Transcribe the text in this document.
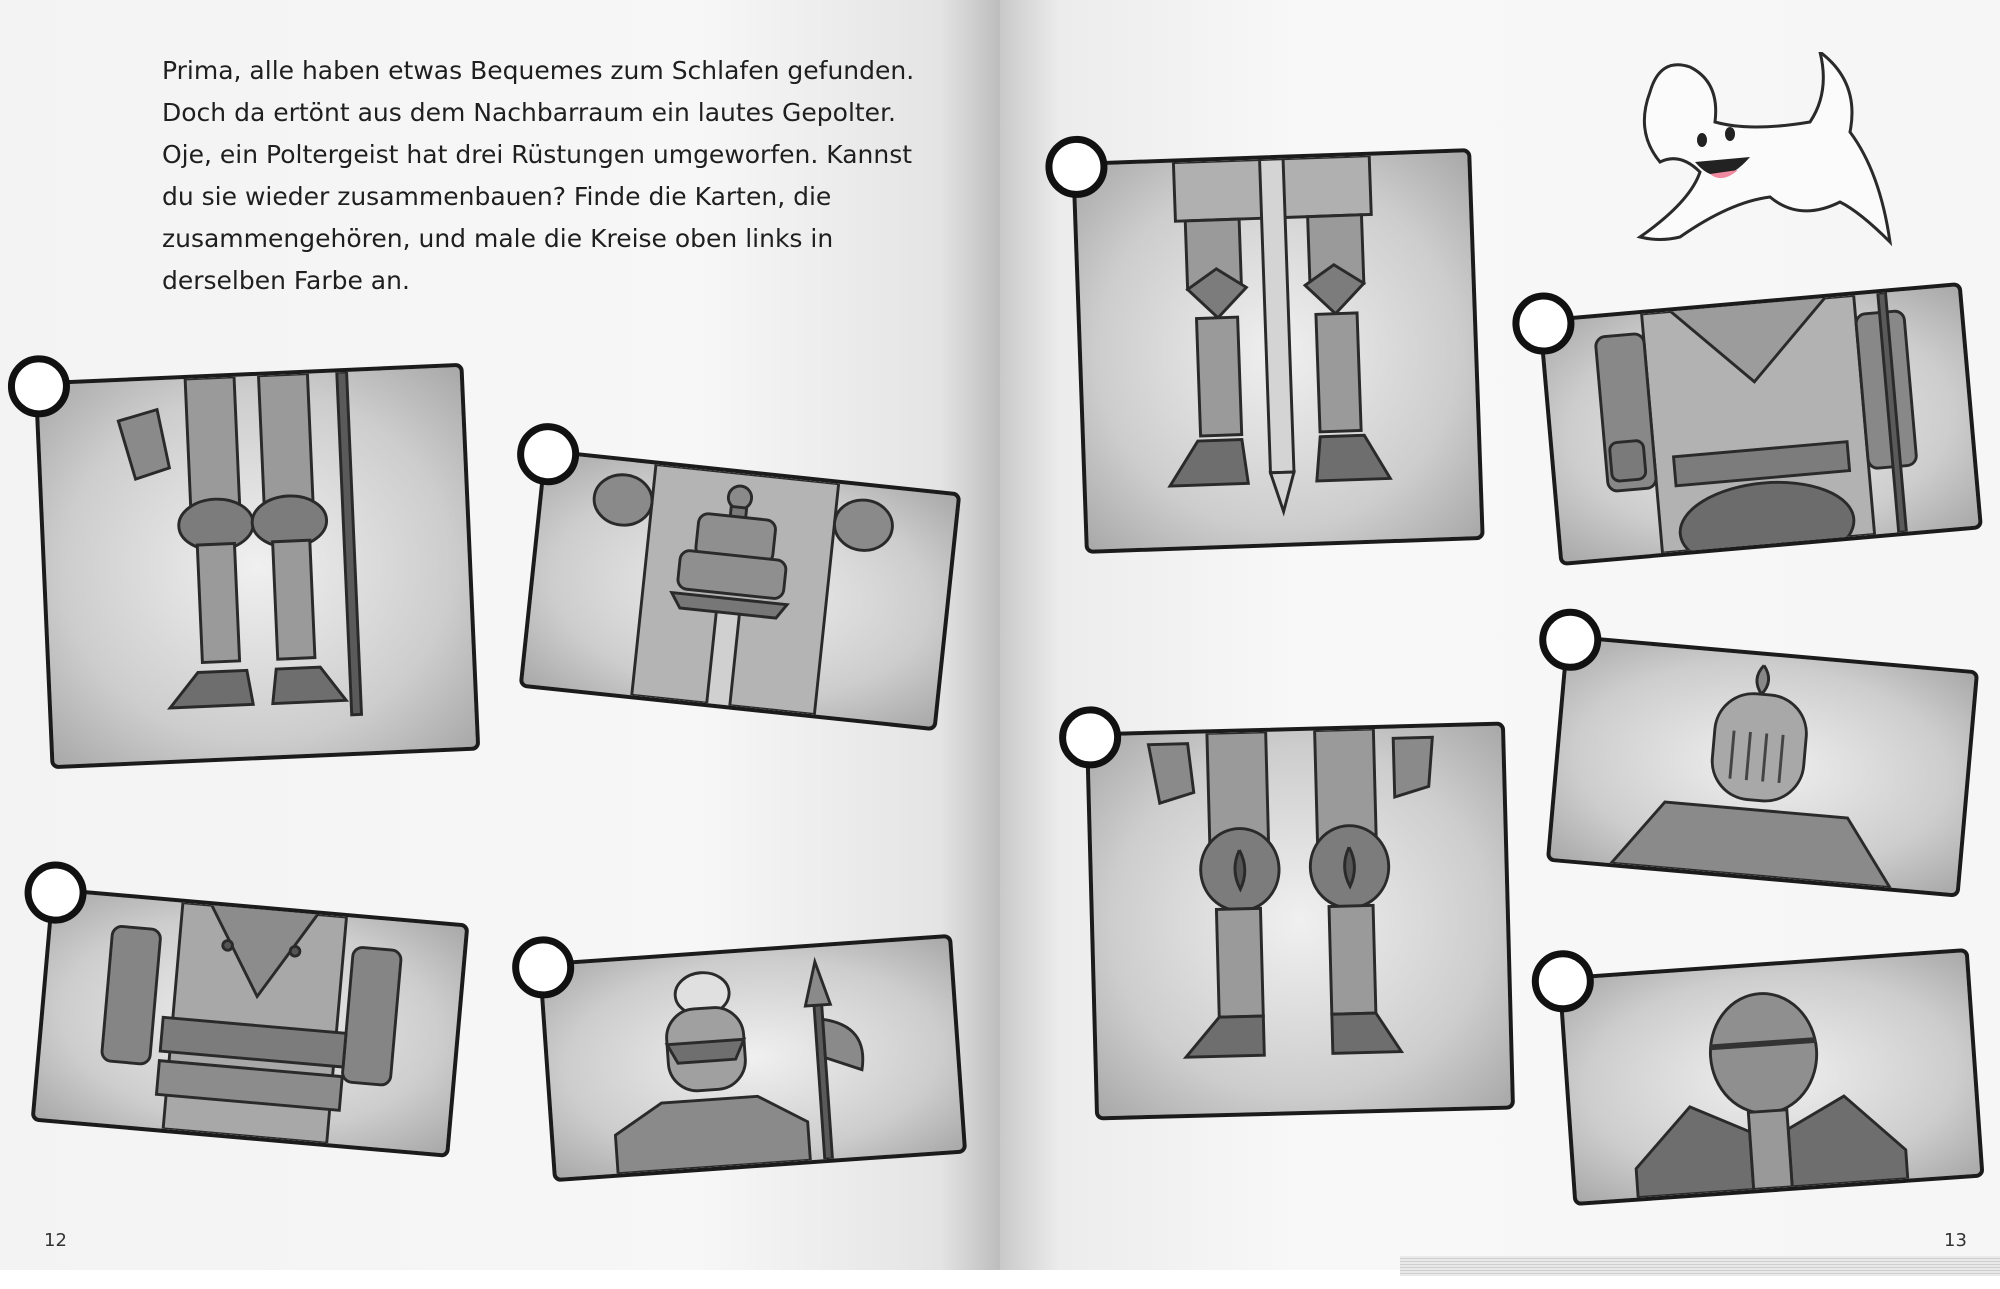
Prima, alle haben etwas Bequemes zum Schlafen gefunden. Doch da ertönt aus dem Nachbarraum ein lautes Gepolter. Oje, ein Poltergeist hat drei Rüstungen umgeworfen. Kannst du sie wieder zusammenbauen? Finde die Karten, die zusammengehören, und male die Kreise oben links in derselben Farbe an.

12	13
